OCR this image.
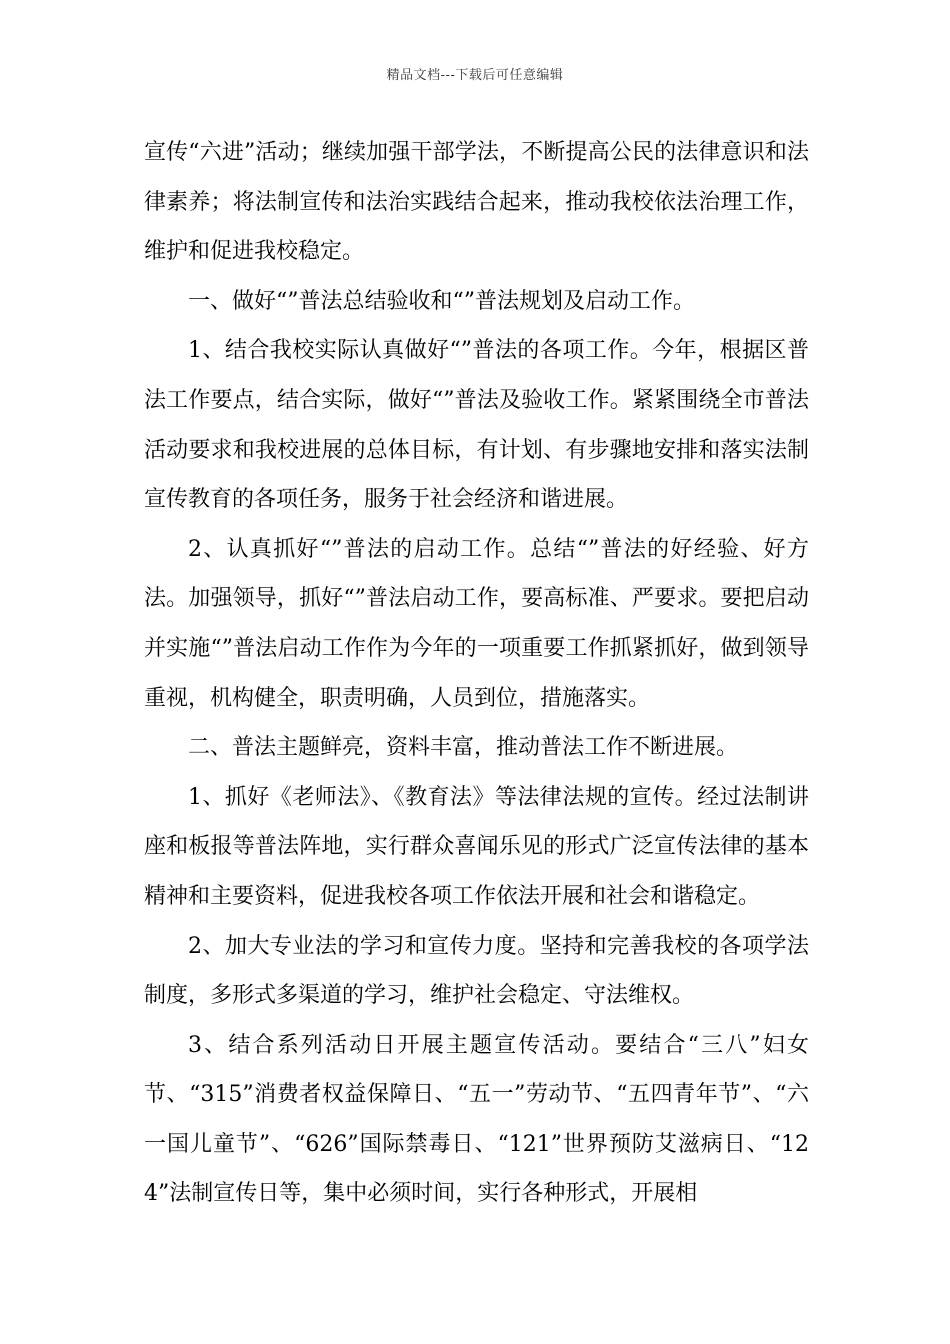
精品文档---下载后可任意编辑

宣传“六进”活动；继续加强干部学法，不断提高公民的法律意识和法律素养；将法制宣传和法治实践结合起来，推动我校依法治理工作，维护和促进我校稳定。

一、做好“”普法总结验收和“”普法规划及启动工作。

1、结合我校实际认真做好“”普法的各项工作。今年，根据区普法工作要点，结合实际，做好“”普法及验收工作。紧紧围绕全市普法活动要求和我校进展的总体目标，有计划、有步骤地安排和落实法制宣传教育的各项任务，服务于社会经济和谐进展。

2、认真抓好“”普法的启动工作。总结“”普法的好经验、好方法。加强领导，抓好“”普法启动工作，要高标准、严要求。要把启动并实施“”普法启动工作作为今年的一项重要工作抓紧抓好，做到领导重视，机构健全，职责明确，人员到位，措施落实。

二、普法主题鲜亮，资料丰富，推动普法工作不断进展。

1、抓好《老师法》、《教育法》等法律法规的宣传。经过法制讲座和板报等普法阵地，实行群众喜闻乐见的形式广泛宣传法律的基本精神和主要资料，促进我校各项工作依法开展和社会和谐稳定。

2、加大专业法的学习和宣传力度。坚持和完善我校的各项学法制度，多形式多渠道的学习，维护社会稳定、守法维权。

3、结合系列活动日开展主题宣传活动。要结合“三八”妇女节、“315”消费者权益保障日、“五一”劳动节、“五四青年节”、“六一国儿童节”、“626”国际禁毒日、“121”世界预防艾滋病日、“124”法制宣传日等，集中必须时间，实行各种形式，开展相
